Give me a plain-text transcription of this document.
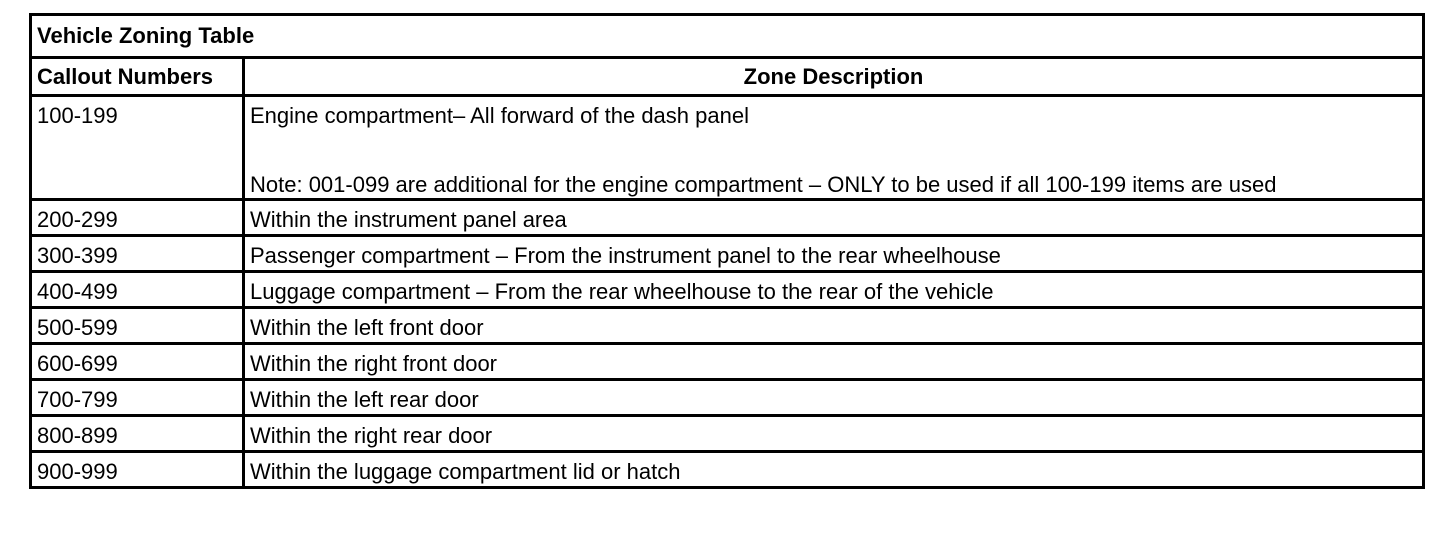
Vehicle Zoning Table	
Callout Numbers	Zone Description
100-199	Engine compartment– All forward of the dash panel
Note: 001-099 are additional for the engine compartment – ONLY to be used if all 100-199 items are used

200-299	Within the instrument panel area
300-399	Passenger compartment – From the instrument panel to the rear wheelhouse
400-499	Luggage compartment – From the rear wheelhouse to the rear of the vehicle
500-599	Within the left front door
600-699	Within the right front door
700-799	Within the left rear door
800-899	Within the right rear door
900-999	Within the luggage compartment lid or hatch
